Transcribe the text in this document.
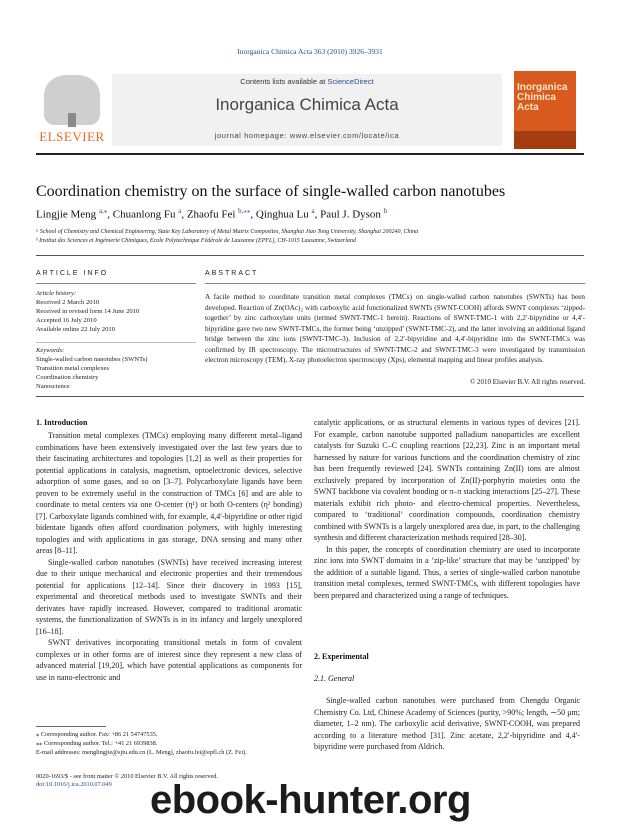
Inorganica Chimica Acta 363 (2010) 3926–3931
ELSEVIER
Contents lists available at ScienceDirect
Inorganica Chimica Acta
journal homepage: www.elsevier.com/locate/ica
Inorganica Chimica Acta
Coordination chemistry on the surface of single-walled carbon nanotubes
Lingjie Meng $^{a,⁎}$, Chuanlong Fu $^a$, Zhaofu Fei $^{b,⁎⁎}$, Qinghua Lu $^a$, Paul J. Dyson $^b$
ᵃ School of Chemistry and Chemical Engineering, State Key Laboratory of Metal Matrix Composites, Shanghai Jiao Tong University, Shanghai 200240, China
ᵇ Institut des Sciences et Ingénierie Chimiques, Ecole Polytechnique Fédérale de Lausanne (EPFL), CH-1015 Lausanne, Switzerland
ARTICLE INFO
Article history:
Received 2 March 2010
Received in revised form 14 June 2010
Accepted 16 July 2010
Available online 22 July 2010
Keywords:
Single-walled carbon nanotubes (SWNTs)
Transition metal complexes
Coordination chemistry
Nanoscience
ABSTRACT
A facile method to coordinate transition metal complexes (TMCs) on single-walled carbon nanotubes (SWNTs) has been developed. Reaction of Zn(OAc)₂ with carboxylic acid functionalized SWNTs (SWNT-COOH) affords SWNT complexes ‘zipped-together’ by zinc carboxylate units (termed SWNT-TMC-1 herein). Reactions of SWNT-TMC-1 with 2,2′-bipyridine or 4,4′-bipyridine gave two new SWNT-TMCs, the former being ‘unzipped’ (SWNT-TMC-2), and the latter involving an additional ligand bridge between the zinc ions (SWNT-TMC-3). Inclusion of 2,2′-bipyridine and 4,4′-bipyridine into the SWNT-TMCs was confirmed by IR spectroscopy. The microstructures of SWNT-TMC-2 and SWNT-TMC-3 were investigated by transmission electron microscopy (TEM), X-ray photoelectron spectroscopy (Xps), elemental mapping and linear profiles analysis.
© 2010 Elsevier B.V. All rights reserved.
1. Introduction

Transition metal complexes (TMCs) employing many different metal–ligand combinations have been extensively investigated over the last few years due to their fascinating architectures and topologies [1,2] as well as their properties for potential applications in catalysis, magnetism, optoelectronic devices, selective adsorption of some gases, and so on [3–7]. Polycarboxylate ligands have been proven to be extremely useful in the construction of TMCs [6] and are able to coordinate to metal centers via one O-center (η¹) or both O-centers (η² bonding) [7]. Carboxylate ligands combined with, for example, 4,4′-bipyridine or other rigid bidentate ligands often afford coordination polymers, with highly interesting topologies and with applications in gas storage, DNA sensing and many other areas [8–11].

Single-walled carbon nanotubes (SWNTs) have received increasing interest due to their unique mechanical and electronic properties and their tremendous potential for applications [12–14]. Since their discovery in 1993 [15], experimental and theoretical methods used to investigate SWNTs and their derivates have rapidly increased. However, compared to traditional aromatic systems, the functionalization of SWNTs is in its infancy and largely unexplored [16–18].

SWNT derivatives incorporating transitional metals in form of covalent complexes or in other forms are of interest since they represent a new class of advanced material [19,20], which have potential applications as components for use in nano-electronic and

catalytic applications, or as structural elements in various types of devices [21]. For example, carbon nanotube supported palladium nanoparticles are excellent catalysts for Suzuki C–C coupling reactions [22,23]. Zinc is an important metal harnessed by nature for various functions and the coordination chemistry of zinc has been frequently reviewed [24]. SWNTs containing Zn(II) ions are almost exclusively prepared by incorporation of Zn(II)-porphyrin moieties onto the SWNT backbone via covalent bonding or π–π stacking interactions [25–27]. These materials exhibit rich photo- and electro-chemical properties. Nevertheless, compared to ‘traditional’ coordination compounds, coordination chemistry combined with SWNTs is a largely unexplored area due, in part, to the challenging synthesis and different characterization methods required [28–30].

In this paper, the concepts of coordination chemistry are used to incorporate zinc ions into SWNT domains in a ‘zip-like’ structure that may be ‘unzipped’ by the addition of a suitable ligand. Thus, a series of single-walled carbon nanotube transition metal complexes, termed SWNT-TMCs, with different topologies have been prepared and characterized using a range of techniques.

2. Experimental
2.1. General

Single-walled carbon nanotubes were purchased from Chengdu Organic Chemistry Co. Ltd, Chinese Academy of Sciences (purity, >90%; length, ∼50 μm; diameter, 1–2 nm). The carboxylic acid derivative, SWNT-COOH, was prepared according to a literature method [31]. Zinc acetate, 2,2′-bipyridine and 4,4′-bipyridine were purchased from Aldrich.

⁎ Corresponding author. Fax: +86 21 54747535.
⁎⁎ Corresponding author. Tel.: +41 21 6939838.
E-mail addresses: menglingjie@sjtu.edu.cn (L. Meng), zhaofu.fei@epfl.ch (Z. Fei).
0020-1693/$ - see front matter © 2010 Elsevier B.V. All rights reserved.
doi:10.1016/j.ica.2010.07.049 ebook-hunter.org
